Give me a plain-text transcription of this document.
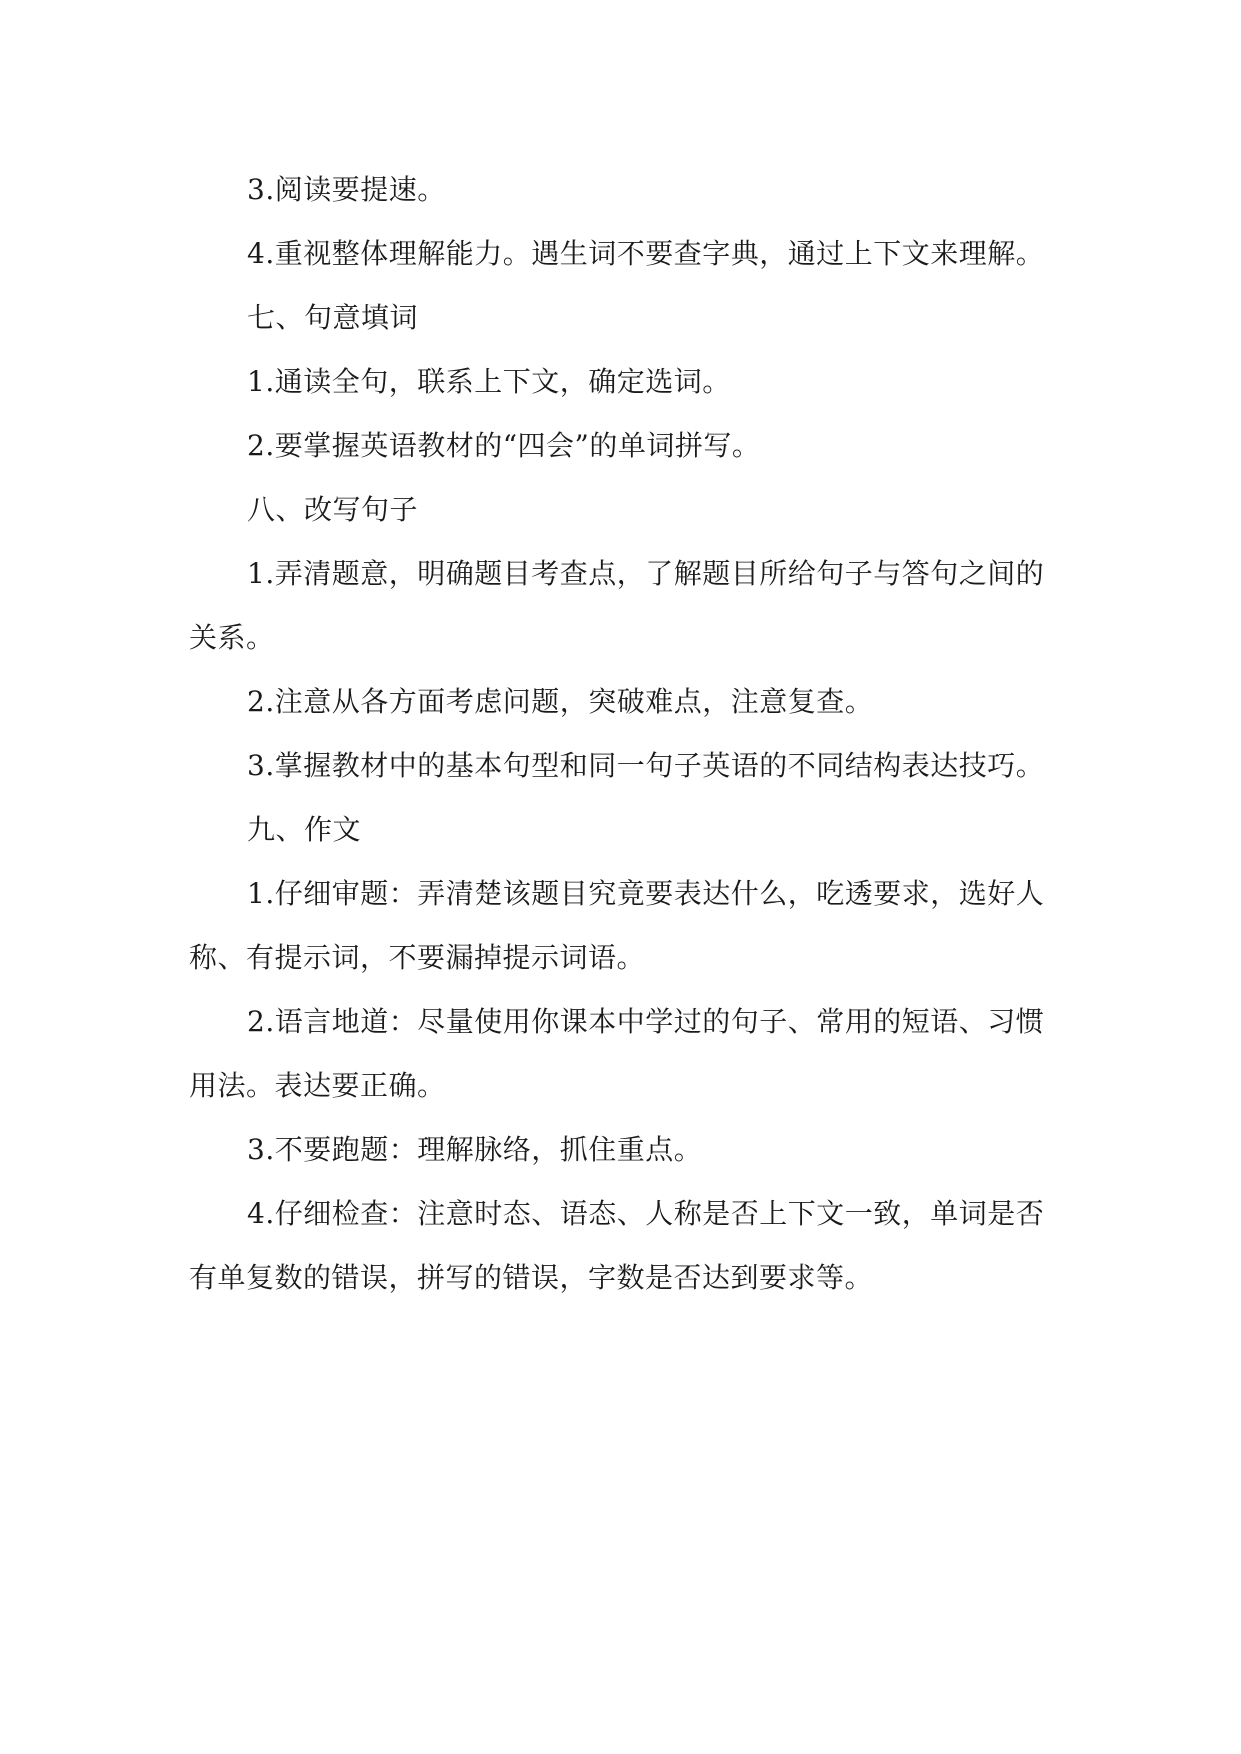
3.阅读要提速。

4.重视整体理解能力。遇生词不要查字典，通过上下文来理解。

七、句意填词

1.通读全句，联系上下文，确定选词。

2.要掌握英语教材的“四会”的单词拼写。

八、改写句子

1.弄清题意，明确题目考查点，了解题目所给句子与答句之间的关系。

2.注意从各方面考虑问题，突破难点，注意复查。

3.掌握教材中的基本句型和同一句子英语的不同结构表达技巧。

九、作文

1.仔细审题：弄清楚该题目究竟要表达什么，吃透要求，选好人称、有提示词，不要漏掉提示词语。

2.语言地道：尽量使用你课本中学过的句子、常用的短语、习惯用法。表达要正确。

3.不要跑题：理解脉络，抓住重点。

4.仔细检查：注意时态、语态、人称是否上下文一致，单词是否有单复数的错误，拼写的错误，字数是否达到要求等。
